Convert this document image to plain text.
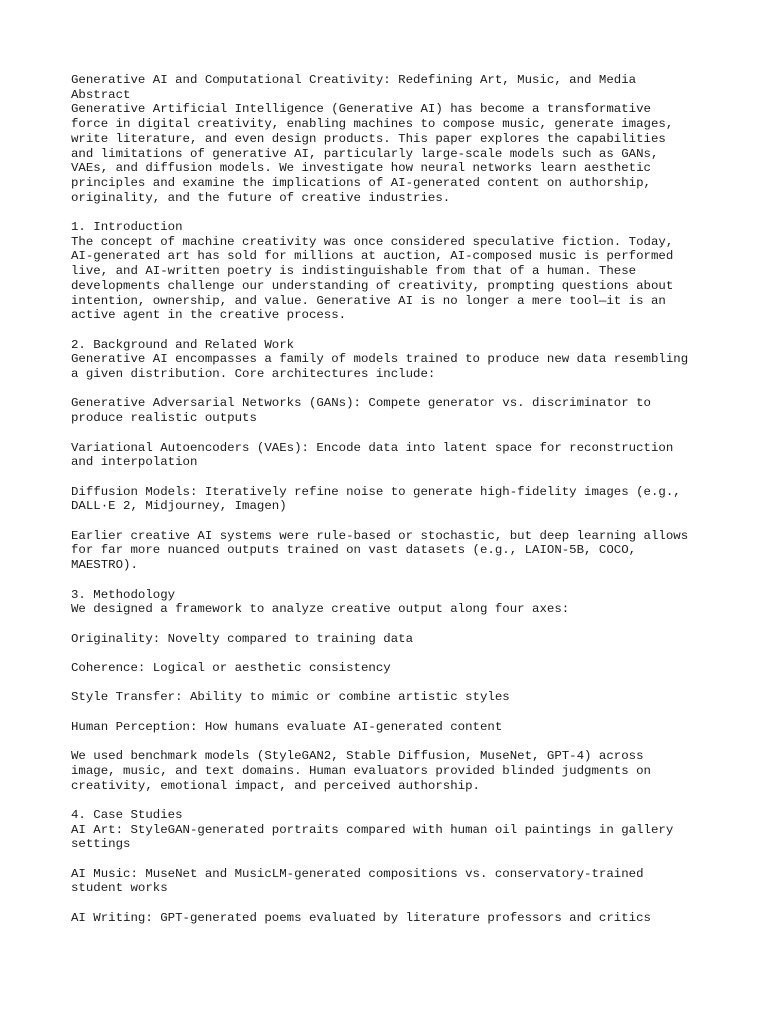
Generative AI and Computational Creativity: Redefining Art, Music, and Media
Abstract
Generative Artificial Intelligence (Generative AI) has become a transformative
force in digital creativity, enabling machines to compose music, generate images,
write literature, and even design products. This paper explores the capabilities
and limitations of generative AI, particularly large-scale models such as GANs,
VAEs, and diffusion models. We investigate how neural networks learn aesthetic
principles and examine the implications of AI-generated content on authorship,
originality, and the future of creative industries.
1. Introduction
The concept of machine creativity was once considered speculative fiction. Today,
AI-generated art has sold for millions at auction, AI-composed music is performed
live, and AI-written poetry is indistinguishable from that of a human. These
developments challenge our understanding of creativity, prompting questions about
intention, ownership, and value. Generative AI is no longer a mere tool—it is an
active agent in the creative process.
2. Background and Related Work
Generative AI encompasses a family of models trained to produce new data resembling
a given distribution. Core architectures include:
Generative Adversarial Networks (GANs): Compete generator vs. discriminator to
produce realistic outputs
Variational Autoencoders (VAEs): Encode data into latent space for reconstruction
and interpolation
Diffusion Models: Iteratively refine noise to generate high-fidelity images (e.g.,
DALL·E 2, Midjourney, Imagen)
Earlier creative AI systems were rule-based or stochastic, but deep learning allows
for far more nuanced outputs trained on vast datasets (e.g., LAION-5B, COCO,
MAESTRO).
3. Methodology
We designed a framework to analyze creative output along four axes:
Originality: Novelty compared to training data
Coherence: Logical or aesthetic consistency
Style Transfer: Ability to mimic or combine artistic styles
Human Perception: How humans evaluate AI-generated content
We used benchmark models (StyleGAN2, Stable Diffusion, MuseNet, GPT-4) across
image, music, and text domains. Human evaluators provided blinded judgments on
creativity, emotional impact, and perceived authorship.
4. Case Studies
AI Art: StyleGAN-generated portraits compared with human oil paintings in gallery
settings
AI Music: MuseNet and MusicLM-generated compositions vs. conservatory-trained
student works
AI Writing: GPT-generated poems evaluated by literature professors and critics
